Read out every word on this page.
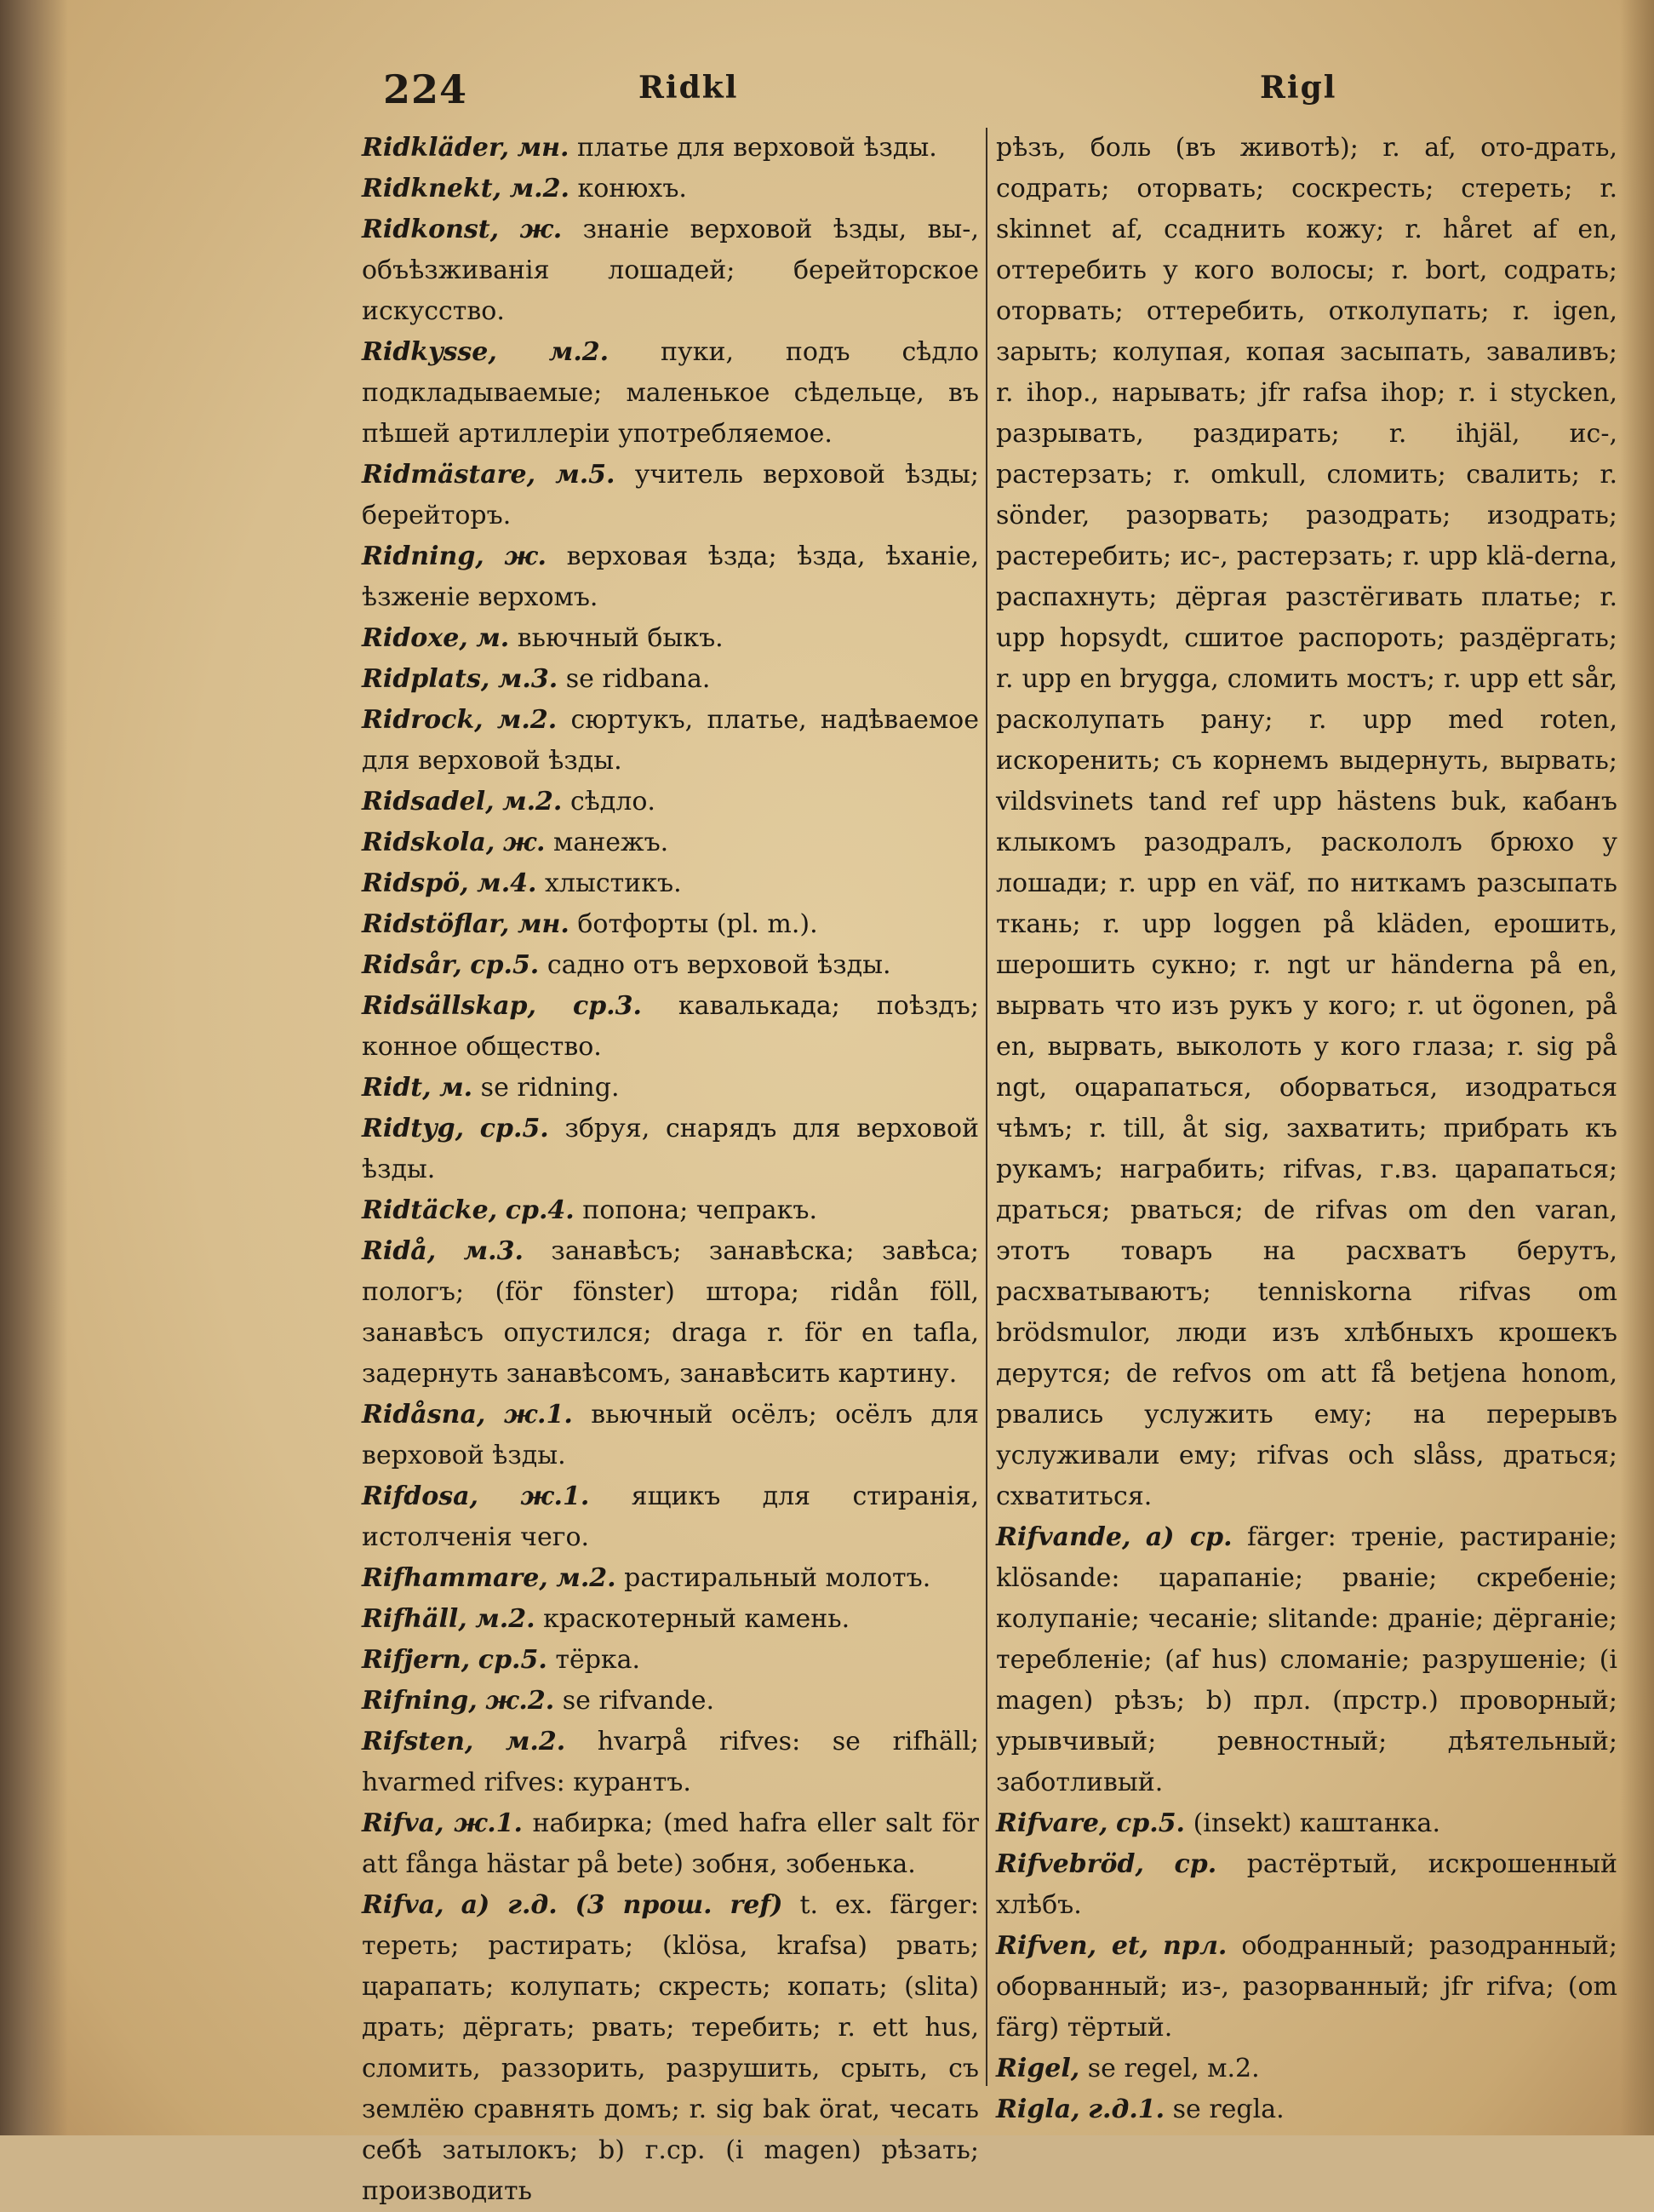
224	Ridkl	Rigl

Ridkläder, мн. платье для верховой ѣзды.

Ridknekt, м.2. конюхъ.

Ridkonst, ж. знаніе верховой ѣзды, вы-, объѣзживанія лошадей; берейторское искусство.

Ridkysse, м.2. пуки, подъ сѣдло подкладываемые; маленькое сѣдельце, въ пѣшей артиллеріи употребляемое.

Ridmästare, м.5. учитель верховой ѣзды; берейторъ.

Ridning, ж. верховая ѣзда; ѣзда, ѣханіе, ѣзженіе верхомъ.

Ridoxe, м. вьючный быкъ.

Ridplats, м.3. se ridbana.

Ridrock, м.2. сюртукъ, платье, надѣваемое для верховой ѣзды.

Ridsadel, м.2. сѣдло.

Ridskola, ж. манежъ.

Ridspö, м.4. хлыстикъ.

Ridstöflar, мн. ботфорты (pl. m.).

Ridsår, ср.5. садно отъ верховой ѣзды.

Ridsällskap, ср.3. кавалькада; поѣздъ; конное общество.

Ridt, м. se ridning.

Ridtyg, ср.5. збруя, снарядъ для верховой ѣзды.

Ridtäcke, ср.4. попона; чепракъ.

Ridå, м.3. занавѣсъ; занавѣска; завѣса; пологъ; (för fönster) штора; ridån föll, занавѣсъ опустился; draga r. för en tafla, задернуть занавѣсомъ, занавѣсить картину.

Ridåsna, ж.1. вьючный осёлъ; осёлъ для верховой ѣзды.

Rifdosa, ж.1. ящикъ для стиранія, истолченія чего.

Rifhammare, м.2. растиральный молотъ.

Rifhäll, м.2. краскотерный камень.

Rifjern, ср.5. тёрка.

Rifning, ж.2. se rifvande.

Rifsten, м.2. hvarpå rifves: se rifhäll; hvarmed rifves: курантъ.

Rifva, ж.1. набирка; (med hafra eller salt för att fånga hästar på bete) зобня, зобенька.

Rifva, а) г.д. (3 прош. ref) t. ex. färger: тереть; растирать; (klösa, krafsa) рвать; царапать; колупать; скресть; копать; (slita) драть; дёргать; рвать; теребить; r. ett hus, сломить, раззорить, разрушить, срыть, съ землёю сравнять домъ; r. sig bak örat, чесать себѣ затылокъ; b) г.ср. (i magen) рѣзать; производить

рѣзъ, боль (въ животѣ); r. af, ото-драть, содрать; оторвать; соскресть; стереть; r. skinnet af, ссаднить кожу; r. håret af en, оттеребить у кого волосы; r. bort, содрать; оторвать; оттеребить, отколупать; r. igen, зарыть; колупая, копая засыпать, заваливъ; r. ihop., нарывать; jfr rafsa ihop; r. i stycken, разрывать, раздирать; r. ihjäl, ис-, растерзать; r. omkull, сломить; свалить; r. sönder, разорвать; разодрать; изодрать; растеребить; ис-, растерзать; r. upp klä-derna, распахнуть; дёргая разстёгивать платье; r. upp hopsydt, сшитое распороть; раздёргать; r. upp en brygga, сломить мостъ; r. upp ett sår, расколупать рану; r. upp med roten, искоренить; съ корнемъ выдернуть, вырвать; vildsvinets tand ref upp hästens buk, кабанъ клыкомъ разодралъ, раскололъ брюхо у лошади; r. upp en väf, по ниткамъ разсыпать ткань; r. upp loggen på kläden, ерошить, шерошить сукно; r. ngt ur händerna på en, вырвать что изъ рукъ у кого; r. ut ögonen, på en, вырвать, выколоть у кого глаза; r. sig på ngt, оцарапаться, оборваться, изодраться чѣмъ; r. till, åt sig, захватить; прибрать къ рукамъ; награбить; rifvas, г.вз. царапаться; драться; рваться; de rifvas om den varan, этотъ товаръ на расхватъ берутъ, расхватываютъ; tenniskorna rifvas om brödsmulor, люди изъ хлѣбныхъ крошекъ дерутся; de refvos om att få betjena honom, рвались услужить ему; на перерывъ услуживали ему; rifvas och slåss, драться; схватиться.

Rifvande, а) ср. färger: треніе, растираніе; klösande: царапаніе; рваніе; скребеніе; колупаніе; чесаніе; slitande: драніе; дёрганіе; тереблeніе; (af hus) сломаніе; разрушеніе; (i magen) рѣзъ; b) прл. (прстр.) проворный; урывчивый; ревностный; дѣятельный; заботливый.

Rifvare, ср.5. (insekt) каштанка.

Rifvebröd, ср. растёртый, искрошенный хлѣбъ.

Rifven, et, прл. ободранный; разодранный; оборванный; из-, разорванный; jfr rifva; (om färg) тёртый.

Rigel, se regel, м.2.

Rigla, г.д.1. se regla.
